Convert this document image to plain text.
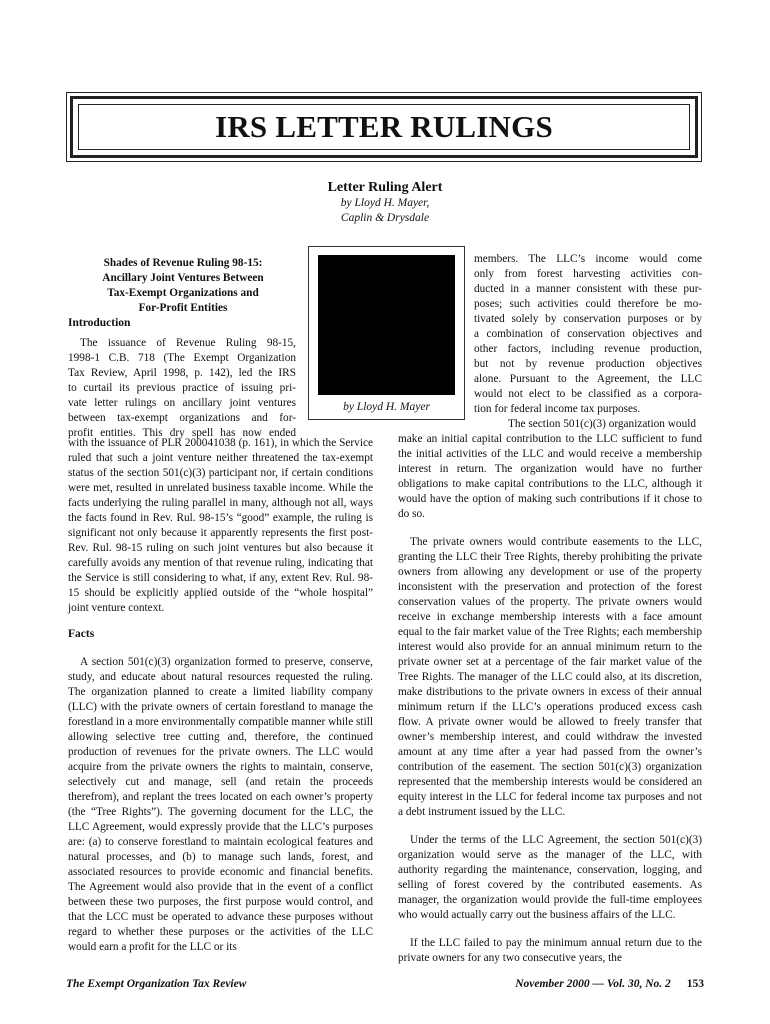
IRS LETTER RULINGS
Letter Ruling Alert
by Lloyd H. Mayer,
Caplin & Drysdale
Shades of Revenue Ruling 98-15:
Ancillary Joint Ventures Between
Tax-Exempt Organizations and
For-Profit Entities
Introduction

The issuance of Revenue Ruling 98-15,

1998-1 C.B. 718 (The Exempt Organization

Tax Review, April 1998, p. 142), led the IRS

to curtail its previous practice of issuing pri-

vate letter rulings on ancillary joint ventures

between tax-exempt organizations and for-

profit entities. This dry spell has now ended

by Lloyd H. Mayer

with the issuance of PLR 200041038 (p. 161), in which the Service ruled that such a joint venture neither threatened the tax-exempt status of the section 501(c)(3) participant nor, if certain conditions were met, resulted in unrelated business taxable income. While the facts underlying the ruling parallel in many, although not all, ways the facts found in Rev. Rul. 98-15’s “good” example, the ruling is significant not only because it apparently represents the first post-Rev. Rul. 98-15 ruling on such joint ventures but also because it carefully avoids any mention of that revenue ruling, indicating that the Service is still considering to what, if any, extent Rev. Rul. 98-15 should be explicitly applied outside of the “whole hospital” joint venture context.

Facts

A section 501(c)(3) organization formed to preserve, conserve, study, and educate about natural resources requested the ruling. The organization planned to create a limited liability company (LLC) with the private owners of certain forestland to manage the forestland in a more environmentally compatible manner while still allowing selective tree cutting and, therefore, the continued production of revenues for the private owners. The LLC would acquire from the private owners the rights to maintain, conserve, selectively cut and manage, sell (and retain the proceeds therefrom), and replant the trees located on each owner’s property (the “Tree Rights”). The governing document for the LLC, the LLC Agreement, would expressly provide that the LLC’s purposes are: (a) to conserve forestland to maintain ecological features and natural processes, and (b) to manage such lands, forest, and associated resources to provide economic and financial benefits. The Agreement would also provide that in the event of a conflict between these two purposes, the first purpose would control, and that the LCC must be operated to advance these purposes without regard to whether these purposes or the activities of the LLC would earn a profit for the LLC or its

members. The LLC’s income would come

only from forest harvesting activities con-

ducted in a manner consistent with these pur-

poses; such activities could therefore be mo-

tivated solely by conservation purposes or by

a combination of conservation objectives and

other factors, including revenue production,

but not by revenue production objectives

alone. Pursuant to the Agreement, the LLC

would not elect to be classified as a corpora-

tion for federal income tax purposes.

The section 501(c)(3) organization would

make an initial capital contribution to the LLC sufficient to fund the initial activities of the LLC and would receive a membership interest in return. The organization would have no further obligations to make capital contributions to the LLC, although it would have the option of making such contributions if it chose to do so.

The private owners would contribute easements to the LLC, granting the LLC their Tree Rights, thereby prohibiting the private owners from allowing any development or use of the property inconsistent with the preservation and protection of the forest conservation values of the property. The private owners would receive in exchange membership interests with a face amount equal to the fair market value of the Tree Rights; each membership interest would also provide for an annual minimum return to the private owner set at a percentage of the fair market value of the Tree Rights. The manager of the LLC could also, at its discretion, make distributions to the private owners in excess of their annual minimum return if the LLC’s operations produced excess cash flow. A private owner would be allowed to freely transfer that owner’s membership interest, and could withdraw the invested amount at any time after a year had passed from the owner’s contribution of the easement. The section 501(c)(3) organization represented that the membership interests would be considered an equity interest in the LLC for federal income tax purposes and not a debt instrument issued by the LLC.

Under the terms of the LLC Agreement, the section 501(c)(3) organization would serve as the manager of the LLC, with authority regarding the maintenance, conservation, logging, and selling of forest covered by the contributed easements. As manager, the organization would provide the full-time employees who would actually carry out the business affairs of the LLC.

If the LLC failed to pay the minimum annual return due to the private owners for any two consecutive years, the

The Exempt Organization Tax Review	November 2000 — Vol. 30, No. 2 153
